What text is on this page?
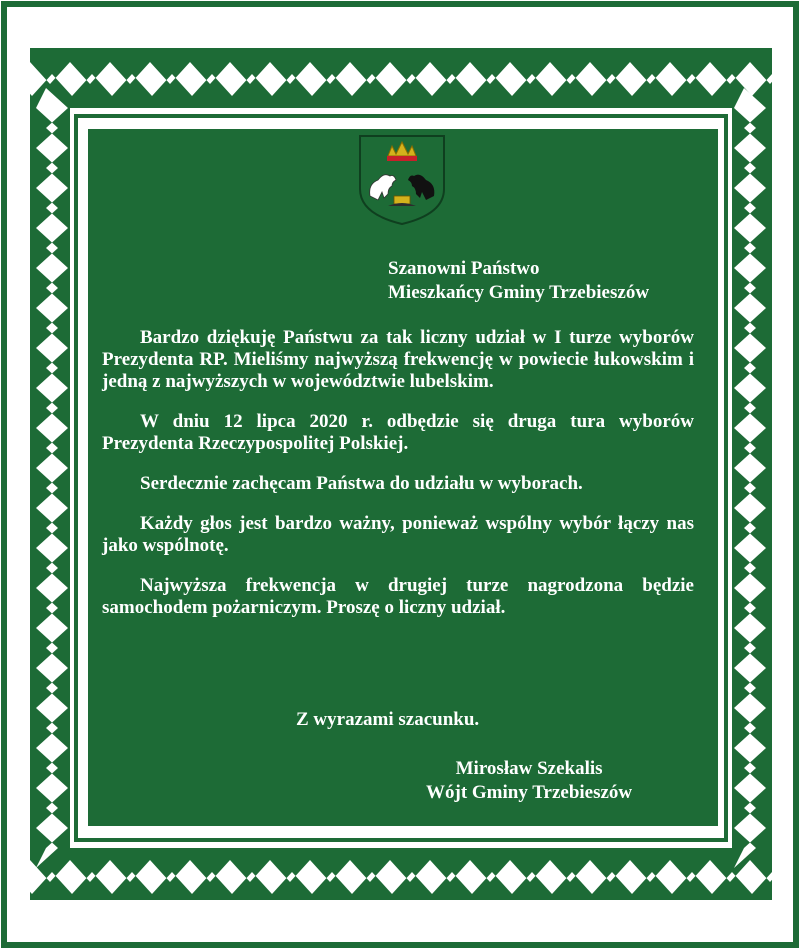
Szanowni Państwo
Mieszkańcy Gminy Trzebieszów

Bardzo dziękuję Państwu za tak liczny udział w I turze wyborów Prezydenta RP. Mieliśmy najwyższą frekwencję w powiecie łukowskim i jedną z najwyższych w województwie lubelskim.

W dniu 12 lipca 2020 r. odbędzie się druga tura wyborów Prezydenta Rzeczypospolitej Polskiej.

Serdecznie zachęcam Państwa do udziału w wyborach.

Każdy głos jest bardzo ważny, ponieważ wspólny wybór łączy nas jako wspólnotę.

Najwyższa frekwencja w drugiej turze nagrodzona będzie samochodem pożarniczym. Proszę o liczny udział.

Z wyrazami szacunku.
Mirosław Szekalis
Wójt Gminy Trzebieszów
